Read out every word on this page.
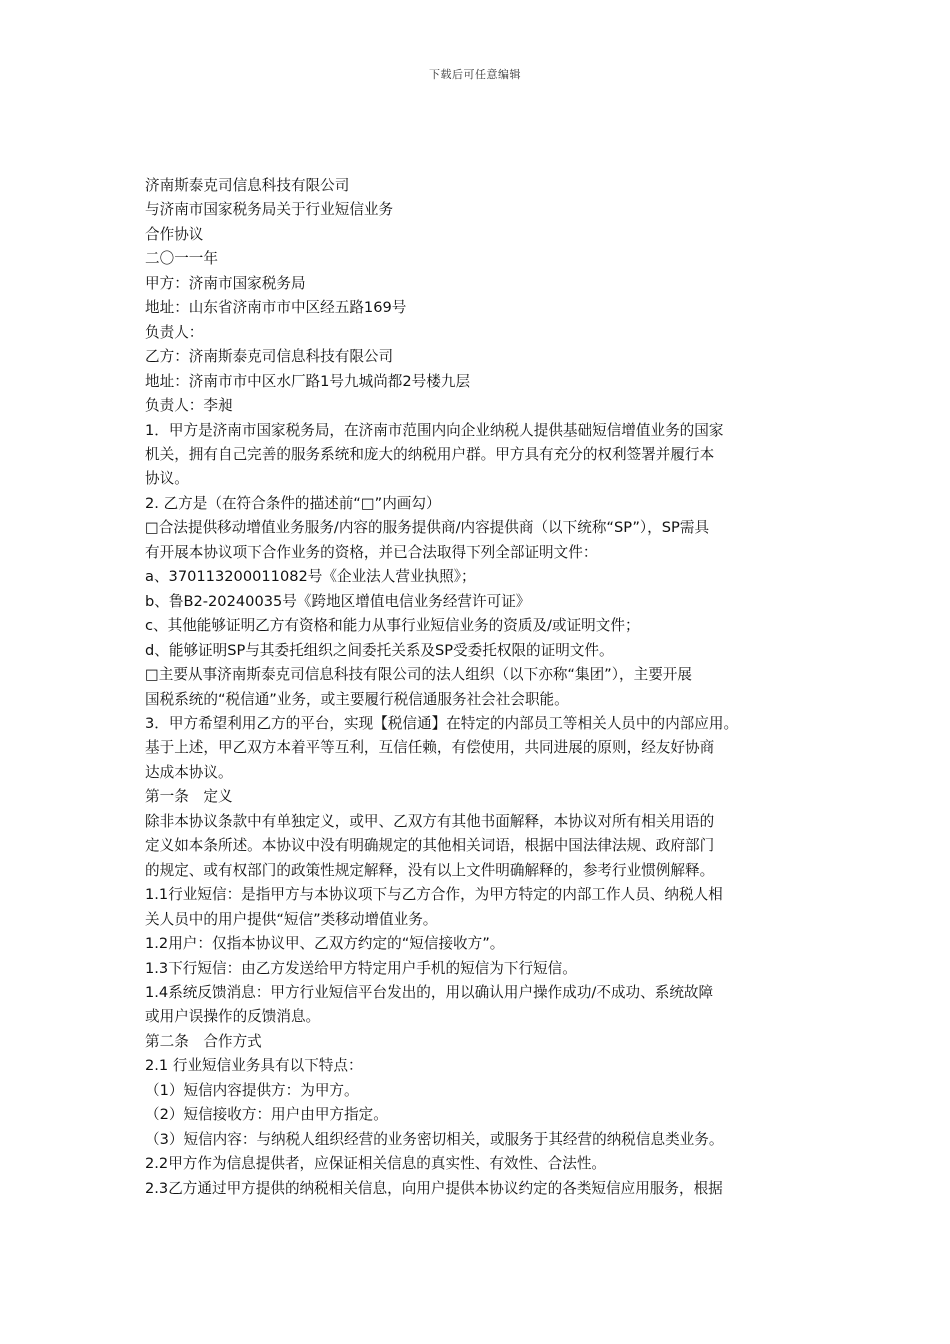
下载后可任意编辑

济南斯泰克司信息科技有限公司

与济南市国家税务局关于行业短信业务

合作协议

二〇一一年

甲方：济南市国家税务局

地址：山东省济南市市中区经五路169号

负责人：

乙方：济南斯泰克司信息科技有限公司

地址：济南市市中区水厂路1号九城尚都2号楼九层

负责人：李昶

1．甲方是济南市国家税务局，在济南市范围内向企业纳税人提供基础短信增值业务的国家
机关，拥有自己完善的服务系统和庞大的纳税用户群。甲方具有充分的权利签署并履行本
协议。

2. 乙方是（在符合条件的描述前“□”内画勾）

□合法提供移动增值业务服务/内容的服务提供商/内容提供商（以下统称“SP”），SP需具
有开展本协议项下合作业务的资格，并已合法取得下列全部证明文件：

a、370113200011082号《企业法人营业执照》；

b、鲁B2-20240035号《跨地区增值电信业务经营许可证》

c、其他能够证明乙方有资格和能力从事行业短信业务的资质及/或证明文件；

d、能够证明SP与其委托组织之间委托关系及SP受委托权限的证明文件。

□主要从事济南斯泰克司信息科技有限公司的法人组织（以下亦称“集团”），主要开展
国税系统的“税信通”业务，或主要履行税信通服务社会社会职能。

3．甲方希望利用乙方的平台，实现【税信通】在特定的内部员工等相关人员中的内部应用。
基于上述，甲乙双方本着平等互利，互信任赖，有偿使用，共同进展的原则，经友好协商
达成本协议。

第一条　定义

除非本协议条款中有单独定义，或甲、乙双方有其他书面解释，本协议对所有相关用语的
定义如本条所述。本协议中没有明确规定的其他相关词语，根据中国法律法规、政府部门
的规定、或有权部门的政策性规定解释，没有以上文件明确解释的，参考行业惯例解释。

1.1行业短信：是指甲方与本协议项下与乙方合作，为甲方特定的内部工作人员、纳税人相
关人员中的用户提供“短信”类移动增值业务。

1.2用户：仅指本协议甲、乙双方约定的“短信接收方”。

1.3下行短信：由乙方发送给甲方特定用户手机的短信为下行短信。

1.4系统反馈消息：甲方行业短信平台发出的，用以确认用户操作成功/不成功、系统故障
或用户误操作的反馈消息。

第二条　合作方式

2.1 行业短信业务具有以下特点：

（1）短信内容提供方：为甲方。

（2）短信接收方：用户由甲方指定。

（3）短信内容：与纳税人组织经营的业务密切相关，或服务于其经营的纳税信息类业务。

2.2甲方作为信息提供者，应保证相关信息的真实性、有效性、合法性。

2.3乙方通过甲方提供的纳税相关信息，向用户提供本协议约定的各类短信应用服务，根据
